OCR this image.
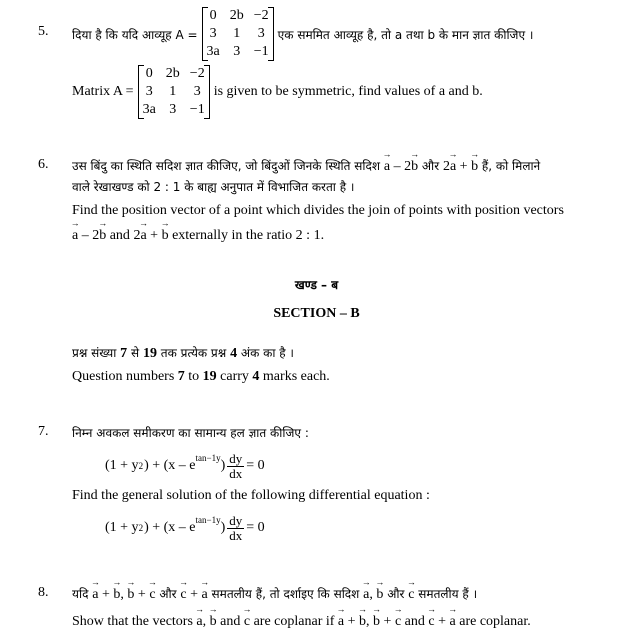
5. दिया है कि यदि आव्यूह A =
0	2b	−2
3	1	3
3a	3	−1
एक सममित आव्यूह है, तो a तथा b के मान ज्ञात कीजिए ।
Matrix A =
0	2b	−2
3	1	3
3a	3	−1
is given to be symmetric, find values of a and b.
6. उस बिंदु का स्थिति सदिश ज्ञात कीजिए, जो बिंदुओं जिनके स्थिति सदिश a → – 2b → और 2a → + b → हैं, को मिलाने
वाले रेखाखण्ड को 2 : 1 के बाह्य अनुपात में विभाजित करता है ।
Find the position vector of a point which divides the join of points with position vectors
a → – 2b → and 2a → + b → externally in the ratio 2 : 1.
खण्ड – ब
SECTION – B
प्रश्न संख्या 7 से 19 तक प्रत्येक प्रश्न 4 अंक का है ।
Question numbers 7 to 19 carry 4 marks each.
7. निम्न अवकल समीकरण का सामान्य हल ज्ञात कीजिए :
(1 + y 2 ) + ($x - e^{tan-1y}$ ) $\frac{dy}{dx} = 0$
Find the general solution of the following differential equation :
(1 + y 2 ) + ($x - e^{tan-1y}$ ) $\frac{dy}{dx} = 0$
8. यदि a → + b →, b → + c → और c → + a → समतलीय हैं, तो दर्शाइए कि सदिश a →, b → और c → समतलीय हैं ।
Show that the vectors a →, b → and c → are coplanar if a → + b →, b → + c → and c → + a → are coplanar.
